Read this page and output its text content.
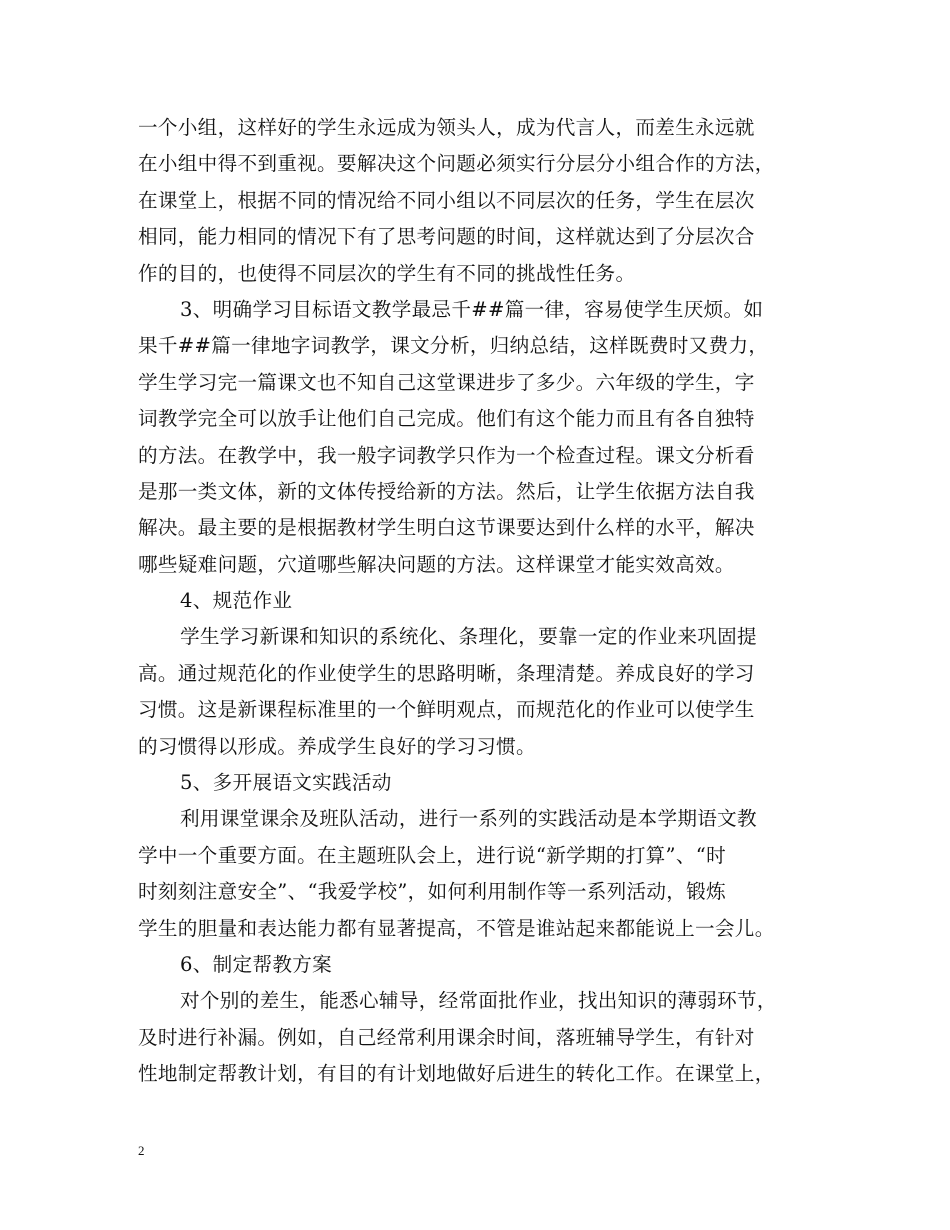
一个小组，这样好的学生永远成为领头人，成为代言人，而差生永远就
在小组中得不到重视。要解决这个问题必须实行分层分小组合作的方法，
在课堂上，根据不同的情况给不同小组以不同层次的任务，学生在层次
相同，能力相同的情况下有了思考问题的时间，这样就达到了分层次合
作的目的，也使得不同层次的学生有不同的挑战性任务。
3、明确学习目标语文教学最忌千##篇一律，容易使学生厌烦。如
果千##篇一律地字词教学，课文分析，归纳总结，这样既费时又费力，
学生学习完一篇课文也不知自己这堂课进步了多少。六年级的学生，字
词教学完全可以放手让他们自己完成。他们有这个能力而且有各自独特
的方法。在教学中，我一般字词教学只作为一个检查过程。课文分析看
是那一类文体，新的文体传授给新的方法。然后，让学生依据方法自我
解决。最主要的是根据教材学生明白这节课要达到什么样的水平，解决
哪些疑难问题，穴道哪些解决问题的方法。这样课堂才能实效高效。
4、规范作业
学生学习新课和知识的系统化、条理化，要靠一定的作业来巩固提
高。通过规范化的作业使学生的思路明晰，条理清楚。养成良好的学习
习惯。这是新课程标准里的一个鲜明观点，而规范化的作业可以使学生
的习惯得以形成。养成学生良好的学习习惯。
5、多开展语文实践活动
利用课堂课余及班队活动，进行一系列的实践活动是本学期语文教
学中一个重要方面。在主题班队会上，进行说“新学期的打算”、“时
时刻刻注意安全”、“我爱学校”，如何利用制作等一系列活动，锻炼
学生的胆量和表达能力都有显著提高，不管是谁站起来都能说上一会儿。
6、制定帮教方案
对个别的差生，能悉心辅导，经常面批作业，找出知识的薄弱环节，
及时进行补漏。例如，自己经常利用课余时间，落班辅导学生，有针对
性地制定帮教计划，有目的有计划地做好后进生的转化工作。在课堂上，
2
